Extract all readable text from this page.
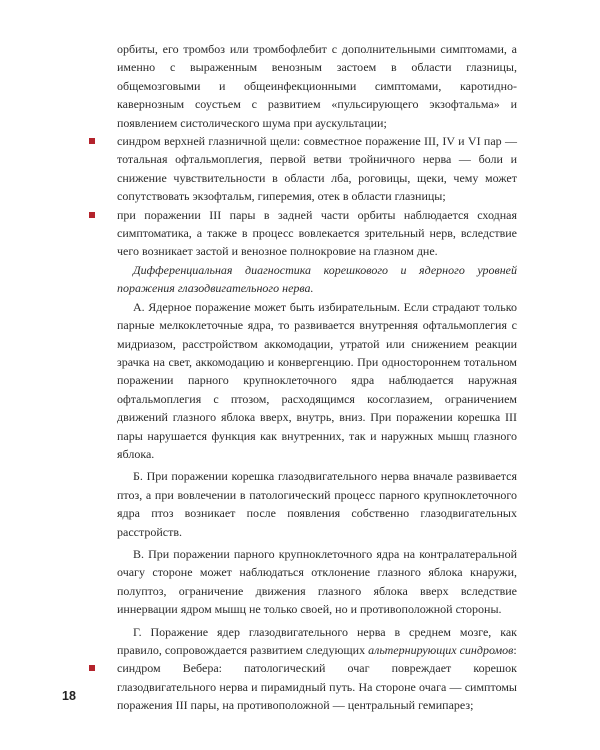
орбиты, его тромбоз или тромбофлебит с дополнительными симптомами, а именно с выраженным венозным застоем в области глазницы, общемозговыми и общеинфекционными симптомами, каротидно-кавернозным соустьем с развитием «пульсирующего экзофтальма» и появлением систолического шума при аускультации;

синдром верхней глазничной щели: совместное поражение III, IV и VI пар — тотальная офтальмоплегия, первой ветви тройничного нерва — боли и снижение чувствительности в области лба, роговицы, щеки, чему может сопутствовать экзофтальм, гиперемия, отек в области глазницы;

при поражении III пары в задней части орбиты наблюдается сходная симптоматика, а также в процесс вовлекается зрительный нерв, вследствие чего возникает застой и венозное полнокровие на глазном дне.

Дифференциальная диагностика корешкового и ядерного уровней поражения глазодвигательного нерва.

А. Ядерное поражение может быть избирательным. Если страдают только парные мелкоклеточные ядра, то развивается внутренняя офтальмоплегия с мидриазом, расстройством аккомодации, утратой или снижением реакции зрачка на свет, аккомодацию и конвергенцию. При одностороннем тотальном поражении парного крупноклеточного ядра наблюдается наружная офтальмоплегия с птозом, расходящимся косоглазием, ограничением движений глазного яблока вверх, внутрь, вниз. При поражении корешка III пары нарушается функция как внутренних, так и наружных мышц глазного яблока.

Б. При поражении корешка глазодвигательного нерва вначале развивается птоз, а при вовлечении в патологический процесс парного крупноклеточного ядра птоз возникает после появления собственно глазодвигательных расстройств.

В. При поражении парного крупноклеточного ядра на контралатеральной очагу стороне может наблюдаться отклонение глазного яблока кнаружи, полуптоз, ограничение движения глазного яблока вверх вследствие иннервации ядром мышц не только своей, но и противоположной стороны.

Г. Поражение ядер глазодвигательного нерва в среднем мозге, как правило, сопровождается развитием следующих альтернирующих синдромов:

синдром Вебера: патологический очаг повреждает корешок глазодвигательного нерва и пирамидный путь. На стороне очага — симптомы поражения III пары, на противоположной — центральный гемипарез;

18
